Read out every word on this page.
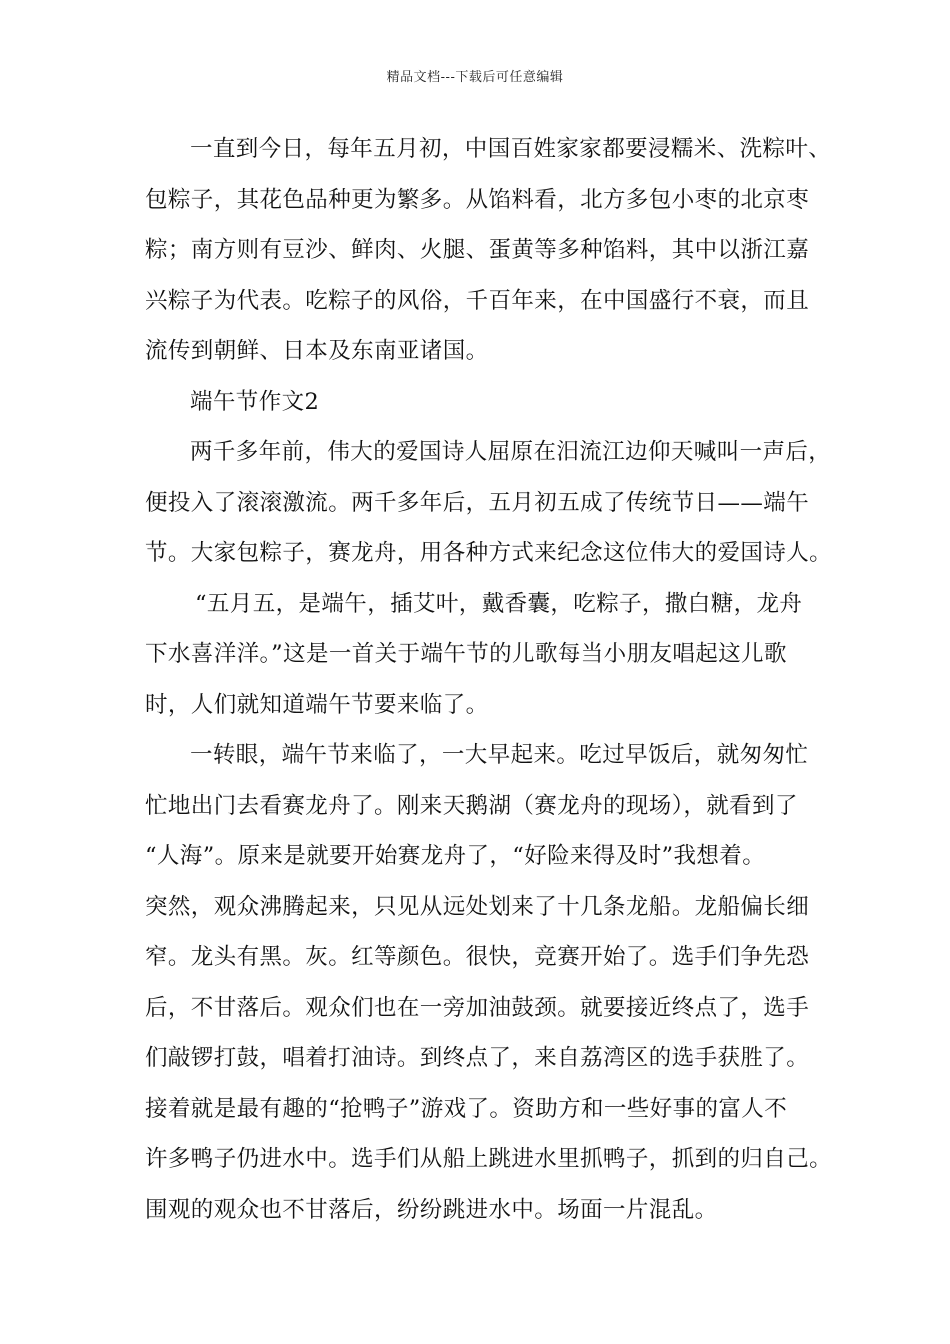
精品文档---下载后可任意编辑
一直到今日，每年五月初，中国百姓家家都要浸糯米、洗粽叶、
包粽子，其花色品种更为繁多。从馅料看，北方多包小枣的北京枣
粽；南方则有豆沙、鲜肉、火腿、蛋黄等多种馅料，其中以浙江嘉
兴粽子为代表。吃粽子的风俗，千百年来，在中国盛行不衰，而且
流传到朝鲜、日本及东南亚诸国。
端午节作文2
两千多年前，伟大的爱国诗人屈原在汨流江边仰天喊叫一声后，
便投入了滚滚激流。两千多年后，五月初五成了传统节日——端午
节。大家包粽子，赛龙舟，用各种方式来纪念这位伟大的爱国诗人。
“五月五，是端午，插艾叶，戴香囊，吃粽子，撒白糖，龙舟
下水喜洋洋。”这是一首关于端午节的儿歌每当小朋友唱起这儿歌
时，人们就知道端午节要来临了。
一转眼，端午节来临了，一大早起来。吃过早饭后，就匆匆忙
忙地出门去看赛龙舟了。刚来天鹅湖（赛龙舟的现场），就看到了
“人海”。原来是就要开始赛龙舟了，“好险来得及时”我想着。
突然，观众沸腾起来，只见从远处划来了十几条龙船。龙船偏长细
窄。龙头有黑。灰。红等颜色。很快，竞赛开始了。选手们争先恐
后，不甘落后。观众们也在一旁加油鼓颈。就要接近终点了，选手
们敲锣打鼓，唱着打油诗。到终点了，来自荔湾区的选手获胜了。
接着就是最有趣的“抢鸭子”游戏了。资助方和一些好事的富人不
许多鸭子仍进水中。选手们从船上跳进水里抓鸭子，抓到的归自己。
围观的观众也不甘落后，纷纷跳进水中。场面一片混乱。
